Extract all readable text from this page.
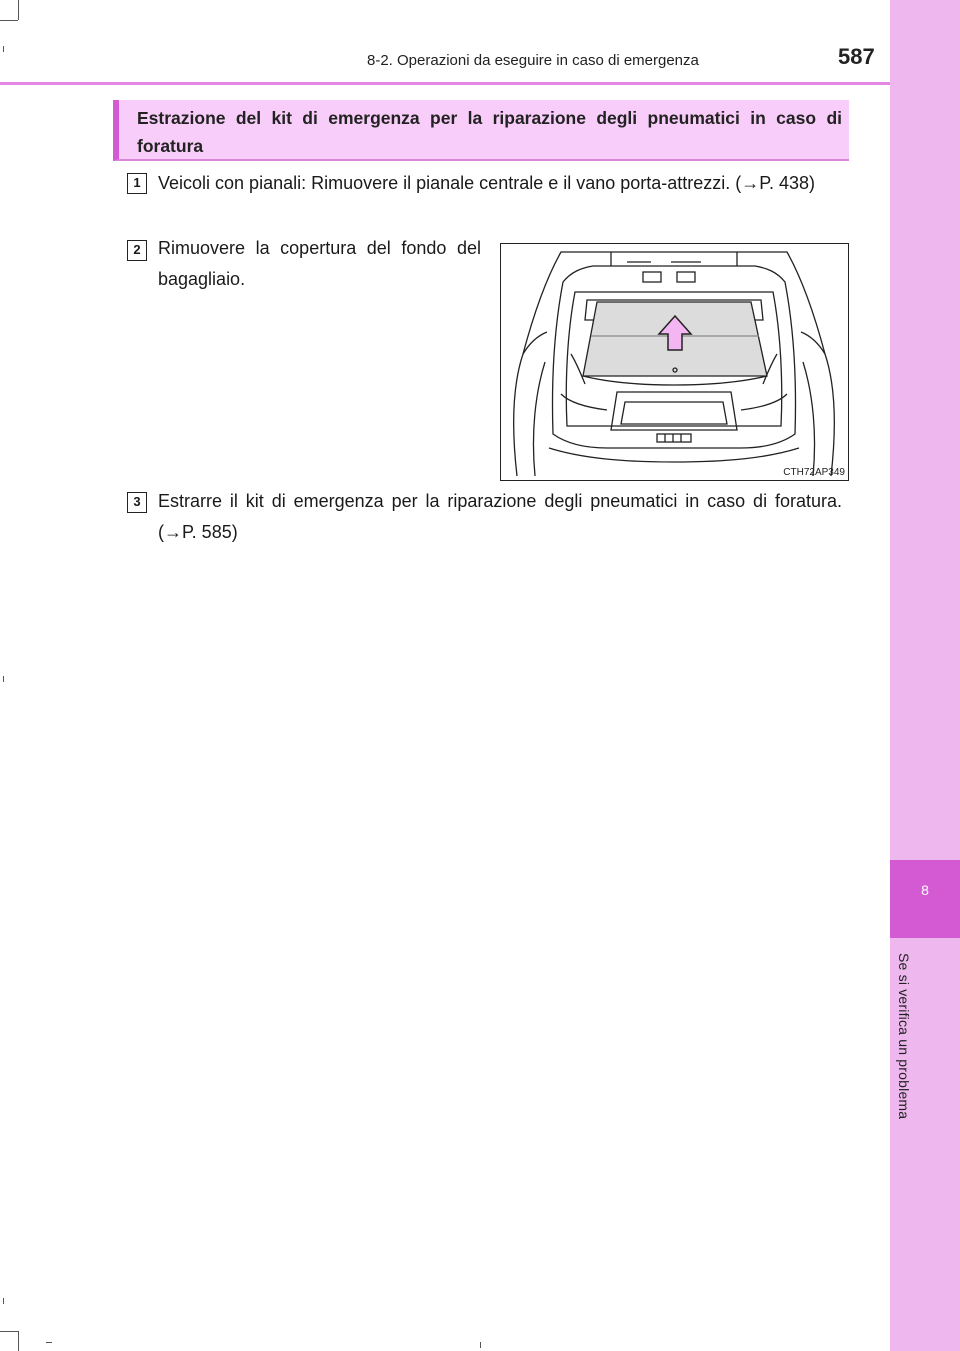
8-2. Operazioni da eseguire in caso di emergenza	587
8
Se si verifica un problema
Estrazione del kit di emergenza per la riparazione degli pneumatici in caso di foratura
1 Veicoli con pianali: Rimuovere il pianale centrale e il vano porta-attrezzi. (→P. 438)
2 Rimuovere la copertura del fondo del bagagliaio.
CTH72AP349
3 Estrarre il kit di emergenza per la riparazione degli pneumatici in caso di foratura. (→P. 585)
